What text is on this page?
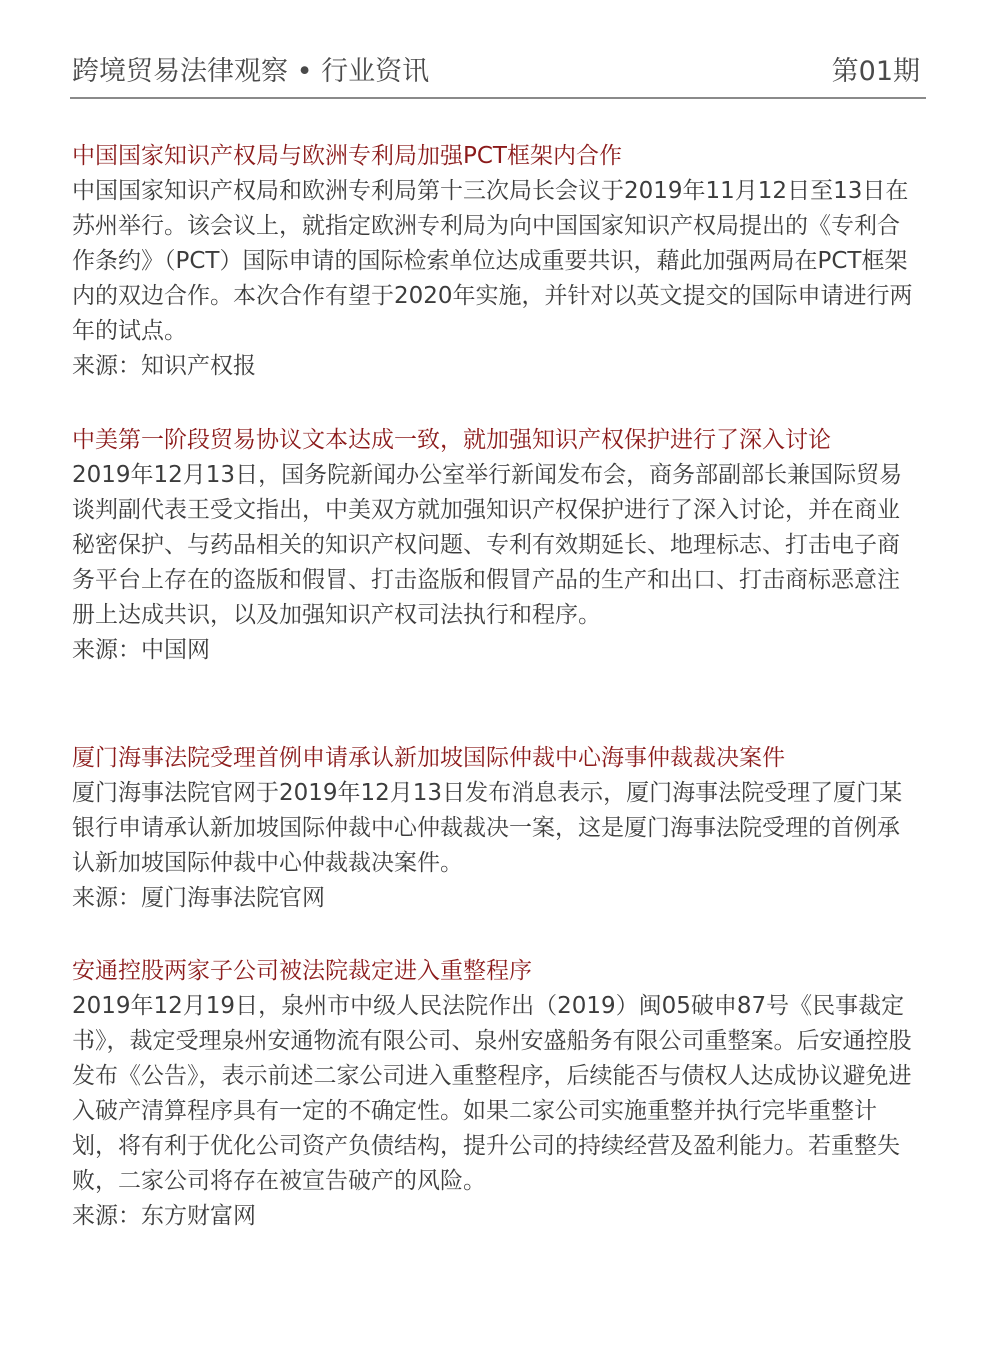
跨境贸易法律观察 • 行业资讯	第01期
中国国家知识产权局与欧洲专利局加强PCT框架内合作

中国国家知识产权局和欧洲专利局第十三次局长会议于2019年11月12日至13日在苏州举行。该会议上，就指定欧洲专利局为向中国国家知识产权局提出的《专利合作条约》（PCT）国际申请的国际检索单位达成重要共识，藉此加强两局在PCT框架内的双边合作。本次合作有望于2020年实施，并针对以英文提交的国际申请进行两年的试点。

来源：知识产权报
中美第一阶段贸易协议文本达成一致，就加强知识产权保护进行了深入讨论

2019年12月13日，国务院新闻办公室举行新闻发布会，商务部副部长兼国际贸易谈判副代表王受文指出，中美双方就加强知识产权保护进行了深入讨论，并在商业秘密保护、与药品相关的知识产权问题、专利有效期延长、地理标志、打击电子商务平台上存在的盗版和假冒、打击盗版和假冒产品的生产和出口、打击商标恶意注册上达成共识，以及加强知识产权司法执行和程序。

来源：中国网
厦门海事法院受理首例申请承认新加坡国际仲裁中心海事仲裁裁决案件

厦门海事法院官网于2019年12月13日发布消息表示，厦门海事法院受理了厦门某银行申请承认新加坡国际仲裁中心仲裁裁决一案，这是厦门海事法院受理的首例承认新加坡国际仲裁中心仲裁裁决案件。

来源：厦门海事法院官网
安通控股两家子公司被法院裁定进入重整程序

2019年12月19日，泉州市中级人民法院作出（2019）闽05破申87号《民事裁定书》，裁定受理泉州安通物流有限公司、泉州安盛船务有限公司重整案。后安通控股发布《公告》，表示前述二家公司进入重整程序，后续能否与债权人达成协议避免进入破产清算程序具有一定的不确定性。如果二家公司实施重整并执行完毕重整计划，将有利于优化公司资产负债结构，提升公司的持续经营及盈利能力。若重整失败，二家公司将存在被宣告破产的风险。

来源：东方财富网
